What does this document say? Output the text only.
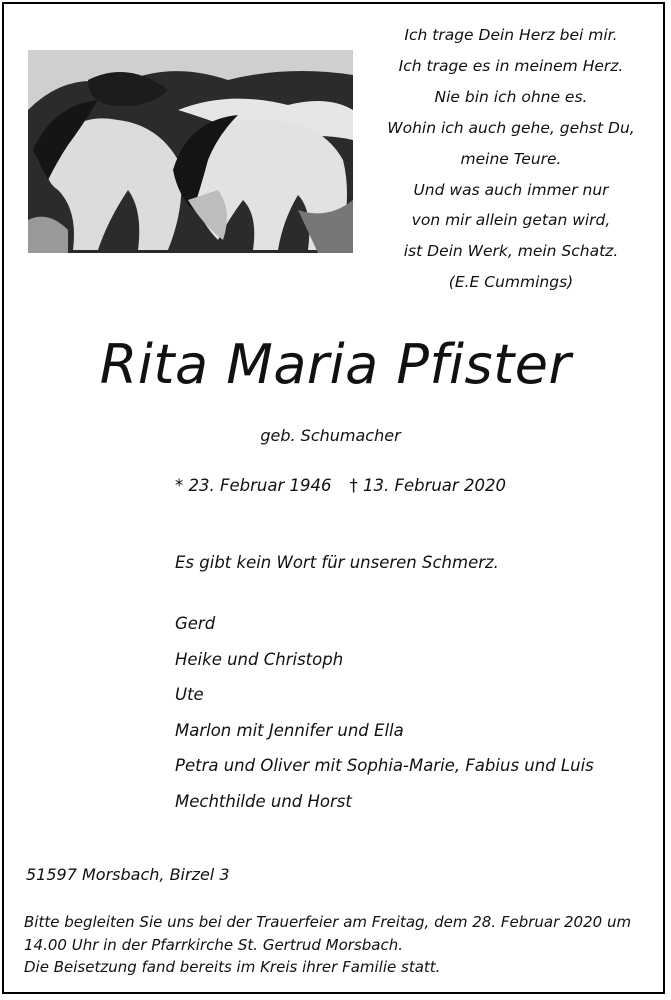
Ich trage Dein Herz bei mir.
Ich trage es in meinem Herz.
Nie bin ich ohne es.
Wohin ich auch gehe, gehst Du,
meine Teure.
Und was auch immer nur
von mir allein getan wird,
ist Dein Werk, mein Schatz.
(E.E Cummings)
Rita Maria Pfister
geb. Schumacher
* 23. Februar 1946 † 13. Februar 2020
Es gibt kein Wort für unseren Schmerz.
Gerd
Heike und Christoph
Ute
Marlon mit Jennifer und Ella
Petra und Oliver mit Sophia-Marie, Fabius und Luis
Mechthilde und Horst
51597 Morsbach, Birzel 3
Bitte begleiten Sie uns bei der Trauerfeier am Freitag, dem 28. Februar 2020 um
14.00 Uhr in der Pfarrkirche St. Gertrud Morsbach.
Die Beisetzung fand bereits im Kreis ihrer Familie statt.
